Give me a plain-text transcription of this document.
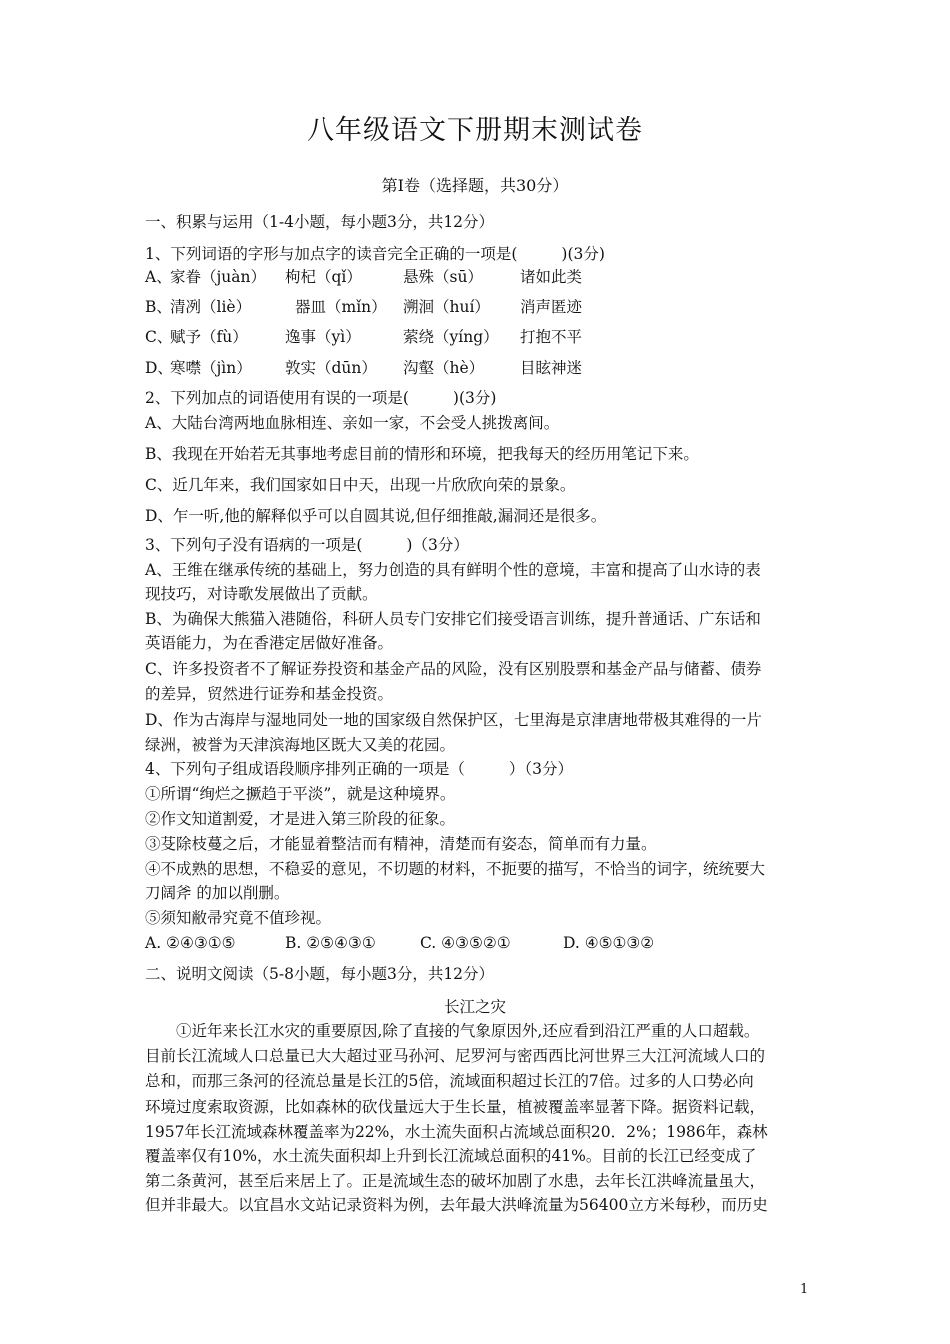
八年级语文下册期末测试卷
第Ⅰ卷（选择题，共30分）
一、积累与运用（1-4小题，每小题3分，共12分）
1、下列词语的字形与加点字的读音完全正确的一项是(	)(3分)
A、
家眷（juàn） 枸杞（qǐ）	悬殊（sū） 诸如此类
B、
清冽（liè）	器皿（mǐn） 溯洄（huí） 消声匿迹
C、
赋予（fù） 逸事（yì）	萦绕（yíng） 打抱不平
D、
寒噤（jìn） 敦实（dūn） 沟壑（hè） 目眩神迷
2、下列加点的词语使用有误的一项是(	)(3分)
A、大陆台湾两地血脉相连、亲如一家，不会受人挑拨离间。
B、我现在开始若无其事地考虑目前的情形和环境，把我每天的经历用笔记下来。
C、近几年来，我们国家如日中天，出现一片欣欣向荣的景象。
D、乍一听,他的解释似乎可以自圆其说,但仔细推敲,漏洞还是很多。
3、下列句子没有语病的一项是(	)（3分）
A、王维在继承传统的基础上，努力创造的具有鲜明个性的意境，丰富和提高了山水诗的表
现技巧，对诗歌发展做出了贡献。
B、为确保大熊猫入港随俗，科研人员专门安排它们接受语言训练，提升普通话、广东话和
英语能力，为在香港定居做好准备。
C、许多投资者不了解证券投资和基金产品的风险，没有区别股票和基金产品与储蓄、债券
的差异，贸然进行证券和基金投资。
D、作为古海岸与湿地同处一地的国家级自然保护区，七里海是京津唐地带极其难得的一片
绿洲，被誉为天津滨海地区既大又美的花园。
4、下列句子组成语段顺序排列正确的一项是（	）（3分）
①所谓“绚烂之撅趋于平淡”，就是这种境界。
②作文知道割爱，才是进入第三阶段的征象。
③芟除枝蔓之后，才能显着整洁而有精神，清楚而有姿态，简单而有力量。
④不成熟的思想，不稳妥的意见，不切题的材料，不扼要的描写，不恰当的词字，统统要大
刀阔斧 的加以削删。
⑤须知敝帚究竟不值珍视。
A. ②④③①⑤	B. ②⑤④③①	C. ④③⑤②①	D. ④⑤①③②
二、说明文阅读（5-8小题，每小题3分，共12分）
长江之灾
①近年来长江水灾的重要原因,除了直接的气象原因外,还应看到沿江严重的人口超载。
目前长江流域人口总量已大大超过亚马孙河、尼罗河与密西西比河世界三大江河流域人口的
总和，而那三条河的径流总量是长江的5倍，流域面积超过长江的7倍。过多的人口势必向
环境过度索取资源，比如森林的砍伐量远大于生长量，植被覆盖率显著下降。据资料记载，
1957年长江流域森林覆盖率为22%，水土流失面积占流域总面积20．2%；1986年，森林
覆盖率仅有10%，水土流失面积却上升到长江流域总面积的41%。目前的长江已经变成了
第二条黄河，甚至后来居上了。正是流域生态的破坏加剧了水患，去年长江洪峰流量虽大，
但并非最大。以宜昌水文站记录资料为例，去年最大洪峰流量为56400立方米每秒，而历史
1
